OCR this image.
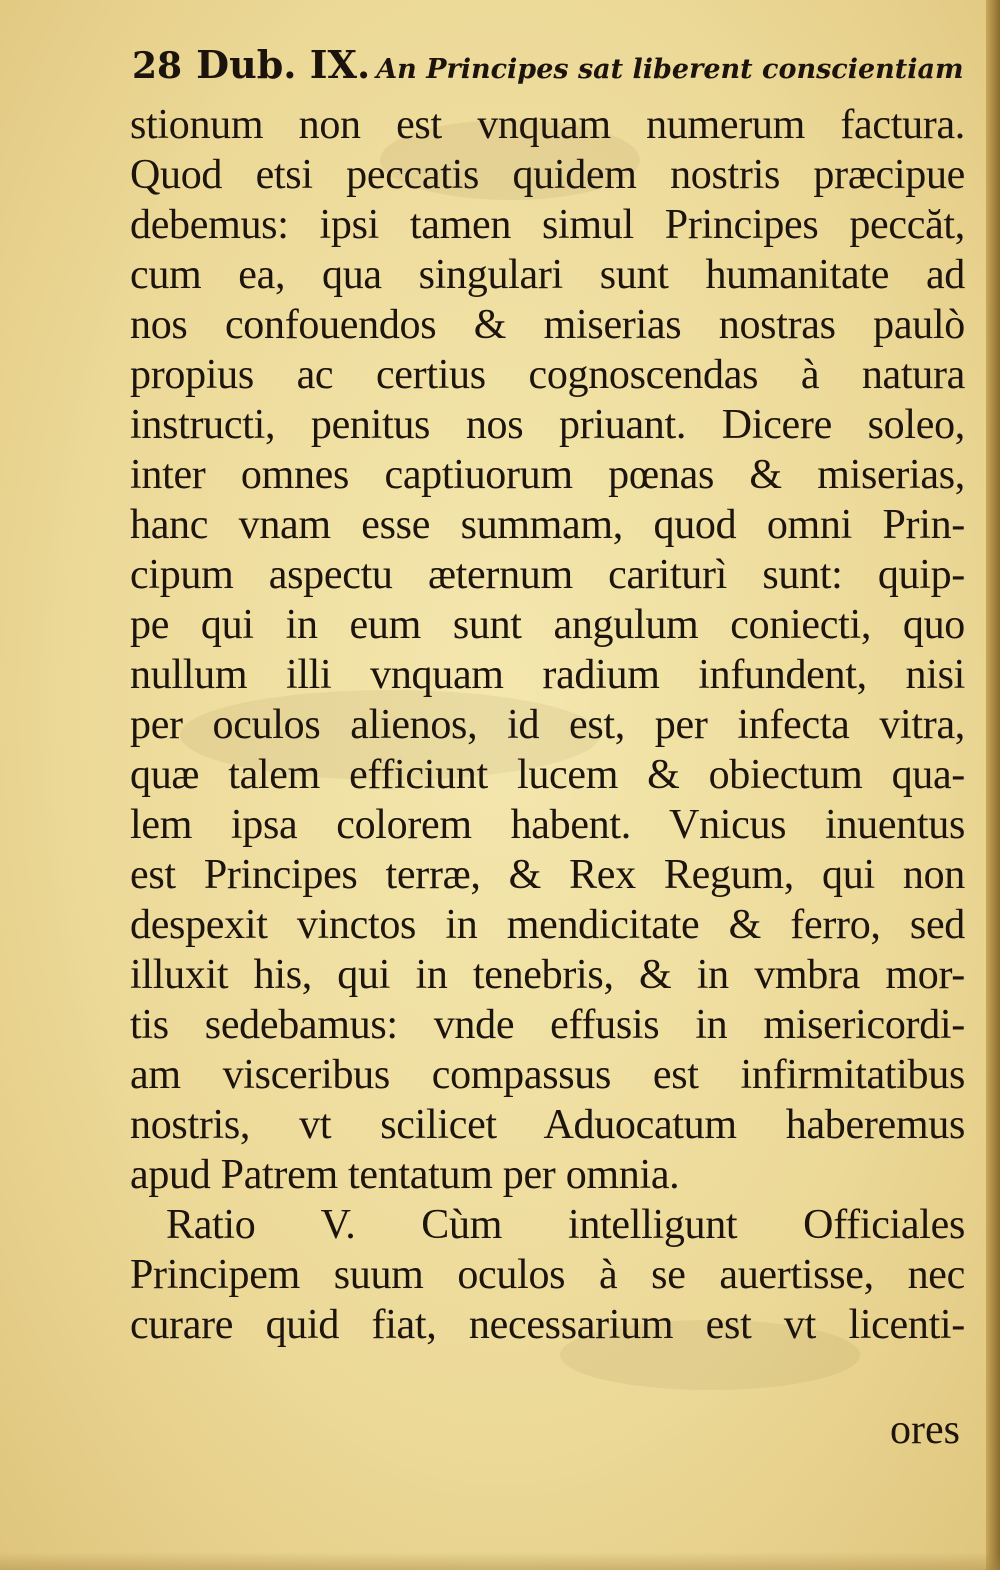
28 Dub. IX. An Principes sat liberent conscientiam
stionum non est vnquam numerum factura.
Quod etsi peccatis quidem nostris præcipue
debemus: ipsi tamen simul Principes peccăt,
cum ea, qua singulari sunt humanitate ad
nos confouendos & miserias nostras paulò
propius ac certius cognoscendas à natura
instructi, penitus nos priuant. Dicere soleo,
inter omnes captiuorum pœnas & miserias,
hanc vnam esse summam, quod omni Prin-
cipum aspectu æternum cariturì sunt: quip-
pe qui in eum sunt angulum coniecti, quo
nullum illi vnquam radium infundent, nisi
per oculos alienos, id est, per infecta vitra,
quæ talem efficiunt lucem & obiectum qua-
lem ipsa colorem habent. Vnicus inuentus
est Principes terræ, & Rex Regum, qui non
despexit vinctos in mendicitate & ferro, sed
illuxit his, qui in tenebris, & in vmbra mor-
tis sedebamus: vnde effusis in misericordi-
am visceribus compassus est infirmitatibus
nostris, vt scilicet Aduocatum haberemus
apud Patrem tentatum per omnia.
Ratio V. Cùm intelligunt Officiales
Principem suum oculos à se auertisse, nec
curare quid fiat, necessarium est vt licenti-
ores
